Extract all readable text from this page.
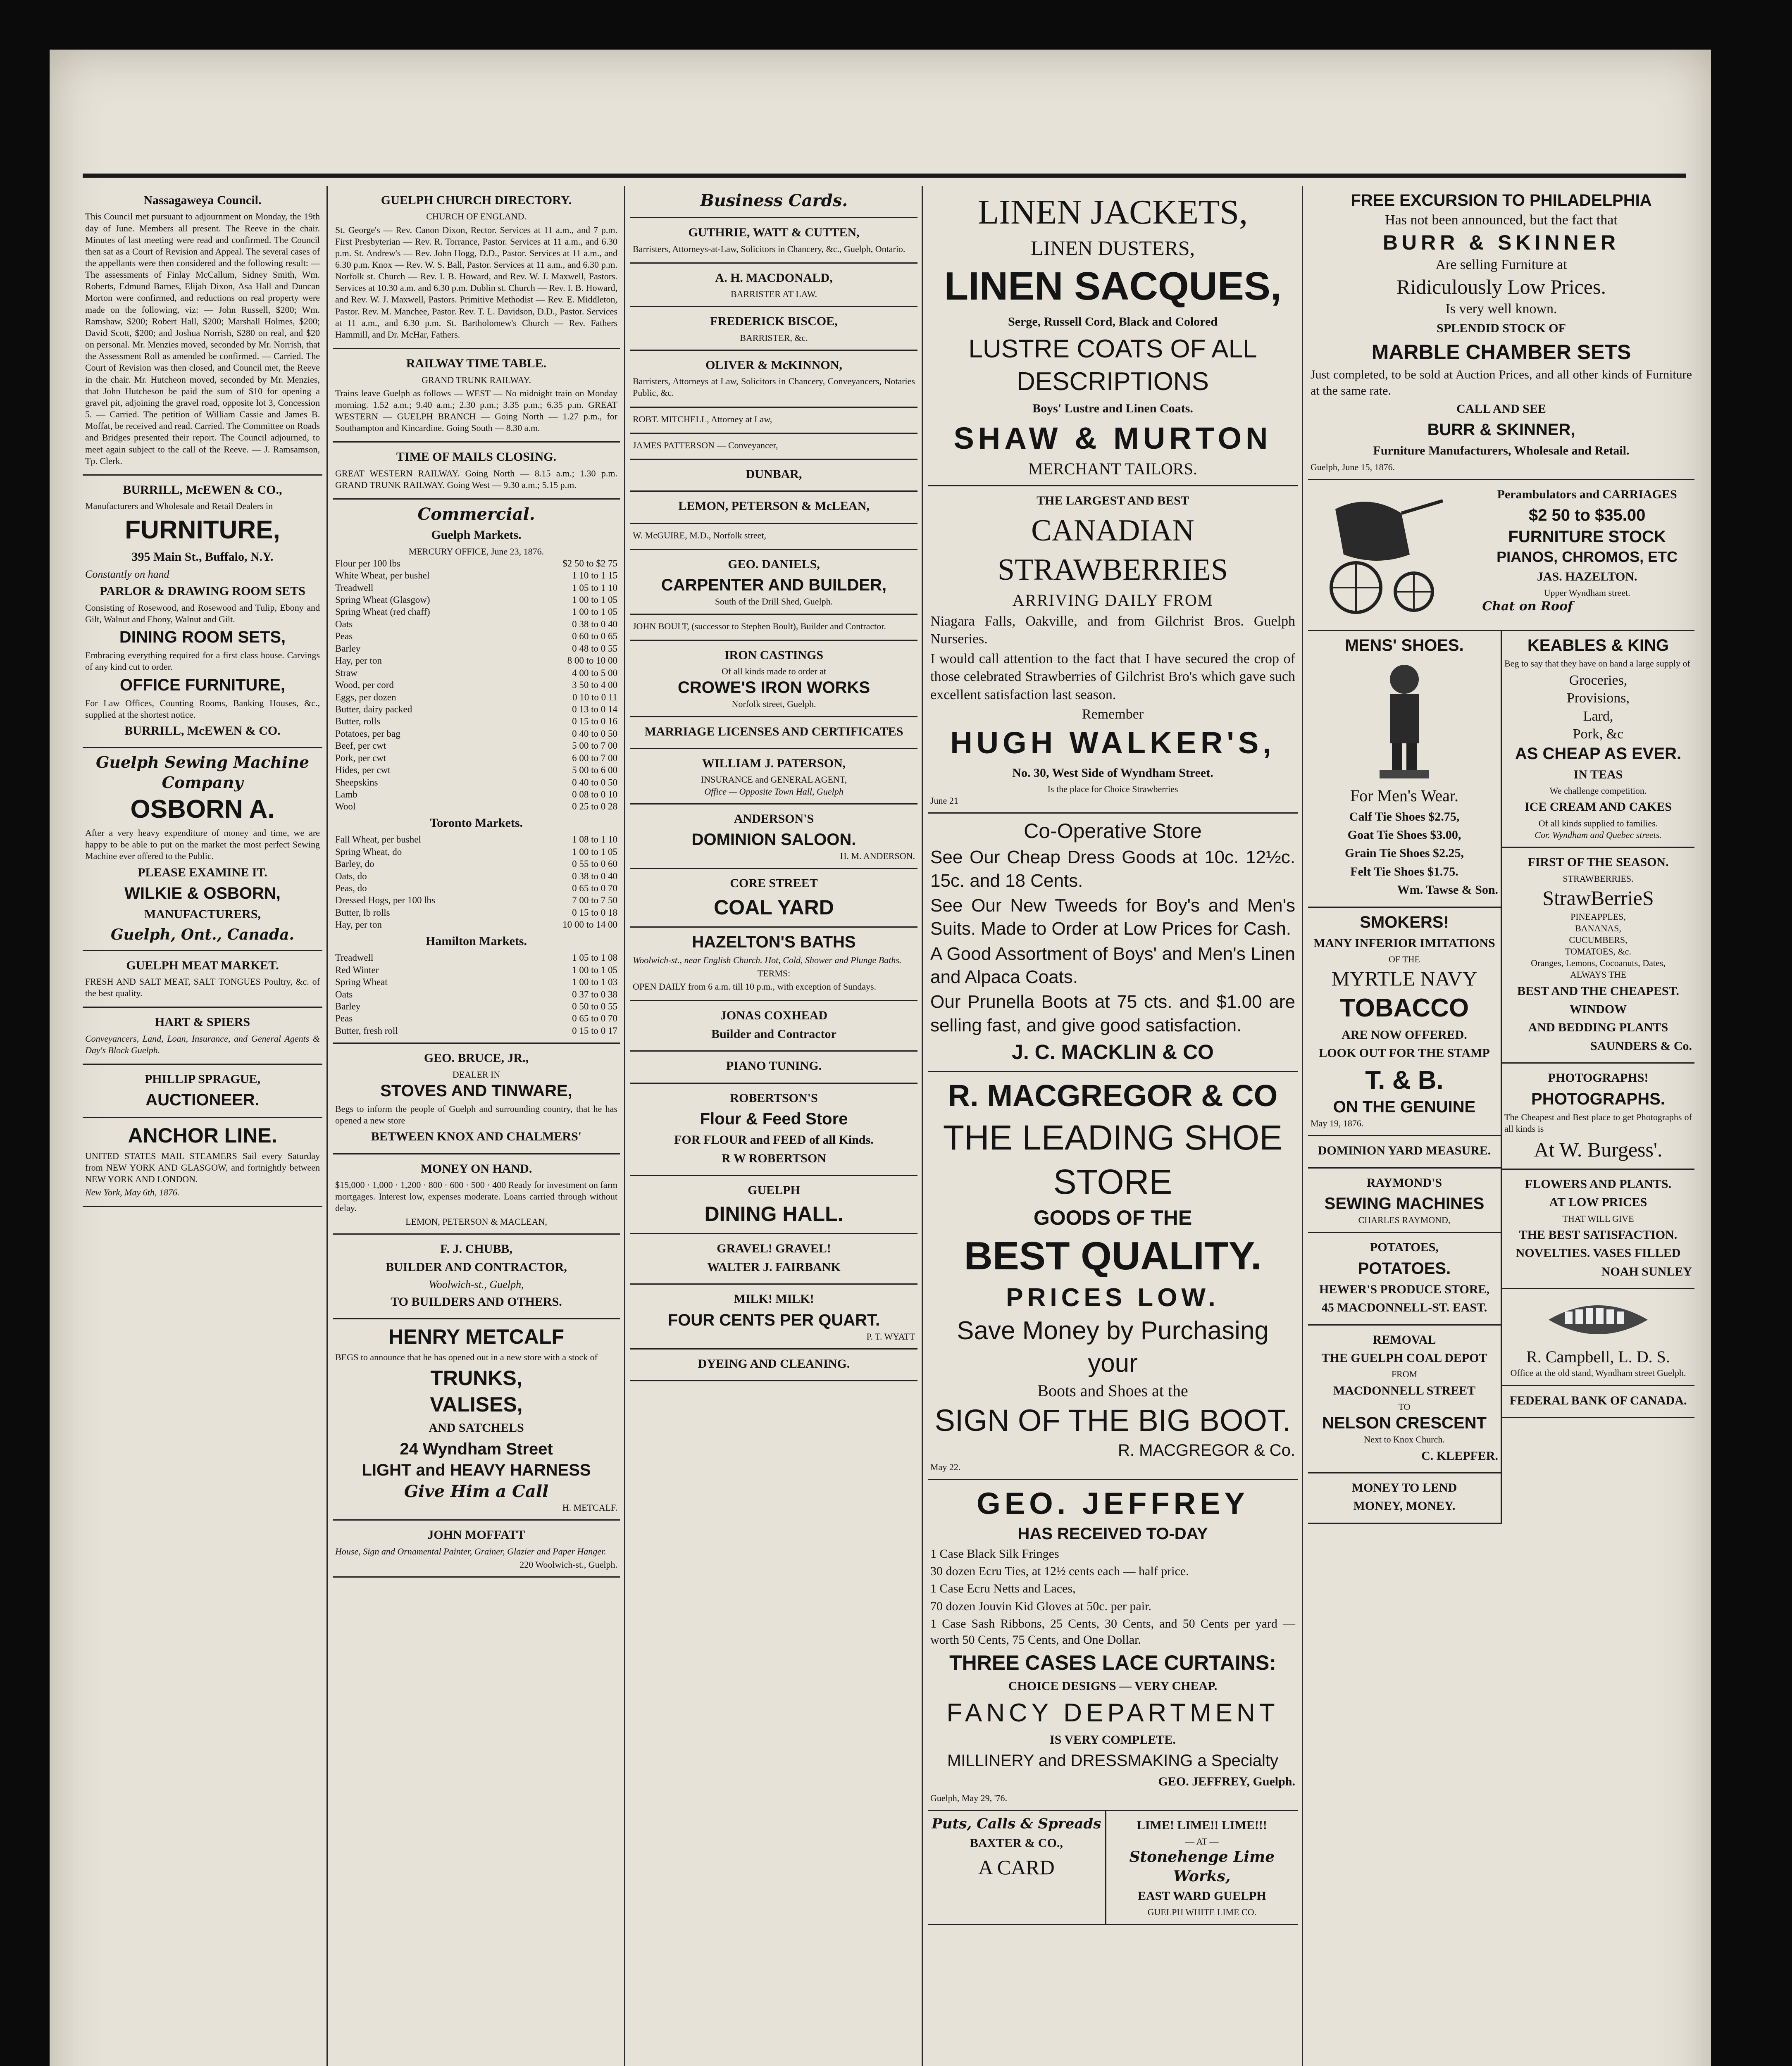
Nassagaweya Council.

This Council met pursuant to adjournment on Monday, the 19th day of June. Members all present. The Reeve in the chair. Minutes of last meeting were read and confirmed. The Council then sat as a Court of Revision and Appeal. The several cases of the appellants were then considered and the following result: — The assessments of Finlay McCallum, Sidney Smith, Wm. Roberts, Edmund Barnes, Elijah Dixon, Asa Hall and Duncan Morton were confirmed, and reductions on real property were made on the following, viz: — John Russell, $200; Wm. Ramshaw, $200; Robert Hall, $200; Marshall Holmes, $200; David Scott, $200; and Joshua Norrish, $280 on real, and $20 on personal. Mr. Menzies moved, seconded by Mr. Norrish, that the Assessment Roll as amended be confirmed. — Carried. The Court of Revision was then closed, and Council met, the Reeve in the chair. Mr. Hutcheon moved, seconded by Mr. Menzies, that John Hutcheson be paid the sum of $10 for opening a gravel pit, adjoining the gravel road, opposite lot 3, Concession 5. — Carried. The petition of William Cassie and James B. Moffat, be received and read. Carried. The Committee on Roads and Bridges presented their report. The Council adjourned, to meet again subject to the call of the Reeve. — J. Ramsamson, Tp. Clerk.

BURRILL, McEWEN & CO.,

Manufacturers and Wholesale and Retail Dealers in

FURNITURE,
395 Main St., Buffalo, N.Y.

Constantly on hand

PARLOR & DRAWING ROOM SETS

Consisting of Rosewood, and Rosewood and Tulip, Ebony and Gilt, Walnut and Ebony, Walnut and Gilt.

DINING ROOM SETS,

Embracing everything required for a first class house. Carvings of any kind cut to order.

OFFICE FURNITURE,

For Law Offices, Counting Rooms, Banking Houses, &c., supplied at the shortest notice.

BURRILL, McEWEN & CO.
Guelph Sewing Machine Company
OSBORN A.

After a very heavy expenditure of money and time, we are happy to be able to put on the market the most perfect Sewing Machine ever offered to the Public.

PLEASE EXAMINE IT.
WILKIE & OSBORN,
MANUFACTURERS,
Guelph, Ont., Canada.
GUELPH MEAT MARKET.

FRESH AND SALT MEAT, SALT TONGUES Poultry, &c. of the best quality.

HART & SPIERS

Conveyancers, Land, Loan, Insurance, and General Agents & Day's Block Guelph.

PHILLIP SPRAGUE,
AUCTIONEER.
ANCHOR LINE.

UNITED STATES MAIL STEAMERS Sail every Saturday from NEW YORK AND GLASGOW, and fortnightly between NEW YORK AND LONDON.

New York, May 6th, 1876.

GUELPH CHURCH DIRECTORY.
CHURCH OF ENGLAND.

St. George's — Rev. Canon Dixon, Rector. Services at 11 a.m., and 7 p.m. First Presbyterian — Rev. R. Torrance, Pastor. Services at 11 a.m., and 6.30 p.m. St. Andrew's — Rev. John Hogg, D.D., Pastor. Services at 11 a.m., and 6.30 p.m. Knox — Rev. W. S. Ball, Pastor. Services at 11 a.m., and 6.30 p.m. Norfolk st. Church — Rev. I. B. Howard, and Rev. W. J. Maxwell, Pastors. Services at 10.30 a.m. and 6.30 p.m. Dublin st. Church — Rev. I. B. Howard, and Rev. W. J. Maxwell, Pastors. Primitive Methodist — Rev. E. Middleton, Pastor. Rev. M. Manchee, Pastor. Rev. T. L. Davidson, D.D., Pastor. Services at 11 a.m., and 6.30 p.m. St. Bartholomew's Church — Rev. Fathers Hammill, and Dr. McHar, Fathers.

RAILWAY TIME TABLE.
GRAND TRUNK RAILWAY.

Trains leave Guelph as follows — WEST — No midnight train on Monday morning. 1.52 a.m.; 9.40 a.m.; 2.30 p.m.; 3.35 p.m.; 6.35 p.m. GREAT WESTERN — GUELPH BRANCH — Going North — 1.27 p.m., for Southampton and Kincardine. Going South — 8.30 a.m.

TIME OF MAILS CLOSING.

GREAT WESTERN RAILWAY. Going North — 8.15 a.m.; 1.30 p.m. GRAND TRUNK RAILWAY. Going West — 9.30 a.m.; 5.15 p.m.

Commercial.
Guelph Markets.
MERCURY OFFICE, June 23, 1876.
Flour per 100 lbs	$2 50 to $2 75
White Wheat, per bushel	1 10 to 1 15
Treadwell	1 05 to 1 10
Spring Wheat (Glasgow)	1 00 to 1 05
Spring Wheat (red chaff)	1 00 to 1 05
Oats	0 38 to 0 40
Peas	0 60 to 0 65
Barley	0 48 to 0 55
Hay, per ton	8 00 to 10 00
Straw	4 00 to 5 00
Wood, per cord	3 50 to 4 00
Eggs, per dozen	0 10 to 0 11
Butter, dairy packed	0 13 to 0 14
Butter, rolls	0 15 to 0 16
Potatoes, per bag	0 40 to 0 50
Beef, per cwt	5 00 to 7 00
Pork, per cwt	6 00 to 7 00
Hides, per cwt	5 00 to 6 00
Sheepskins	0 40 to 0 50
Lamb	0 08 to 0 10
Wool	0 25 to 0 28
Toronto Markets.
Fall Wheat, per bushel	1 08 to 1 10
Spring Wheat, do	1 00 to 1 05
Barley, do	0 55 to 0 60
Oats, do	0 38 to 0 40
Peas, do	0 65 to 0 70
Dressed Hogs, per 100 lbs	7 00 to 7 50
Butter, lb rolls	0 15 to 0 18
Hay, per ton	10 00 to 14 00
Hamilton Markets.
Treadwell	1 05 to 1 08
Red Winter	1 00 to 1 05
Spring Wheat	1 00 to 1 03
Oats	0 37 to 0 38
Barley	0 50 to 0 55
Peas	0 65 to 0 70
Butter, fresh roll	0 15 to 0 17
GEO. BRUCE, JR.,
DEALER IN
STOVES AND TINWARE,

Begs to inform the people of Guelph and surrounding country, that he has opened a new store

BETWEEN KNOX AND CHALMERS'
MONEY ON HAND.

$15,000 · 1,000 · 1,200 · 800 · 600 · 500 · 400 Ready for investment on farm mortgages. Interest low, expenses moderate. Loans carried through without delay.

LEMON, PETERSON & MACLEAN,
F. J. CHUBB,
BUILDER AND CONTRACTOR,
Woolwich-st., Guelph,
TO BUILDERS AND OTHERS.
HENRY METCALF

BEGS to announce that he has opened out in a new store with a stock of

TRUNKS,
VALISES,
AND SATCHELS
24 Wyndham Street
LIGHT and HEAVY HARNESS
Give Him a Call
H. METCALF.
JOHN MOFFATT

House, Sign and Ornamental Painter, Grainer, Glazier and Paper Hanger.

220 Woolwich-st., Guelph.
Business Cards.
GUTHRIE, WATT & CUTTEN,

Barristers, Attorneys-at-Law, Solicitors in Chancery, &c., Guelph, Ontario.

A. H. MACDONALD,
BARRISTER AT LAW.
FREDERICK BISCOE,
BARRISTER, &c.
OLIVER & McKINNON,

Barristers, Attorneys at Law, Solicitors in Chancery, Conveyancers, Notaries Public, &c.

ROBT. MITCHELL, Attorney at Law,

JAMES PATTERSON — Conveyancer,

DUNBAR,
LEMON, PETERSON & McLEAN,

W. McGUIRE, M.D., Norfolk street,

GEO. DANIELS,
CARPENTER AND BUILDER,
South of the Drill Shed, Guelph.

JOHN BOULT, (successor to Stephen Boult), Builder and Contractor.

IRON CASTINGS
Of all kinds made to order at
CROWE'S IRON WORKS
Norfolk street, Guelph.
MARRIAGE LICENSES AND CERTIFICATES
WILLIAM J. PATERSON,
INSURANCE and GENERAL AGENT,
Office — Opposite Town Hall, Guelph
ANDERSON'S
DOMINION SALOON.
H. M. ANDERSON.
CORE STREET
COAL YARD
HAZELTON'S BATHS

Woolwich-st., near English Church. Hot, Cold, Shower and Plunge Baths.

TERMS:

OPEN DAILY from 6 a.m. till 10 p.m., with exception of Sundays.

JONAS COXHEAD
Builder and Contractor
PIANO TUNING.
ROBERTSON'S
Flour & Feed Store
FOR FLOUR and FEED of all Kinds.
R W ROBERTSON
GUELPH
DINING HALL.
GRAVEL! GRAVEL!
WALTER J. FAIRBANK
MILK! MILK!
FOUR CENTS PER QUART.
P. T. WYATT
DYEING AND CLEANING.
LINEN JACKETS,
LINEN DUSTERS,
LINEN SACQUES,
Serge, Russell Cord, Black and Colored
LUSTRE COATS OF ALL DESCRIPTIONS
Boys' Lustre and Linen Coats.
SHAW & MURTON
MERCHANT TAILORS.
THE LARGEST AND BEST
CANADIAN STRAWBERRIES
ARRIVING DAILY FROM

Niagara Falls, Oakville, and from Gilchrist Bros. Guelph Nurseries.

I would call attention to the fact that I have secured the crop of those celebrated Strawberries of Gilchrist Bro's which gave such excellent satisfaction last season.

Remember
HUGH WALKER'S,
No. 30, West Side of Wyndham Street.
Is the place for Choice Strawberries
June 21
Co-Operative Store

See Our Cheap Dress Goods at 10c. 12½c. 15c. and 18 Cents.

See Our New Tweeds for Boy's and Men's Suits. Made to Order at Low Prices for Cash.

A Good Assortment of Boys' and Men's Linen and Alpaca Coats.

Our Prunella Boots at 75 cts. and $1.00 are selling fast, and give good satisfaction.

J. C. MACKLIN & CO
R. MACGREGOR & CO
THE LEADING SHOE STORE
GOODS OF THE
BEST QUALITY.
PRICES LOW.
Save Money by Purchasing your
Boots and Shoes at the
SIGN OF THE BIG BOOT.
R. MACGREGOR & Co.
May 22.
GEO. JEFFREY
HAS RECEIVED TO-DAY

1 Case Black Silk Fringes

30 dozen Ecru Ties, at 12½ cents each — half price.

1 Case Ecru Netts and Laces,

70 dozen Jouvin Kid Gloves at 50c. per pair.

1 Case Sash Ribbons, 25 Cents, 30 Cents, and 50 Cents per yard — worth 50 Cents, 75 Cents, and One Dollar.

THREE CASES LACE CURTAINS:
CHOICE DESIGNS — VERY CHEAP.
FANCY DEPARTMENT
IS VERY COMPLETE.
MILLINERY and DRESSMAKING a Specialty
GEO. JEFFREY, Guelph.
Guelph, May 29, '76.
Puts, Calls & Spreads
BAXTER & CO.,
A CARD
LIME! LIME!! LIME!!!
— AT —
Stonehenge Lime Works,
EAST WARD GUELPH
GUELPH WHITE LIME CO.
FREE EXCURSION TO PHILADELPHIA
Has not been announced, but the fact that
BURR & SKINNER
Are selling Furniture at
Ridiculously Low Prices.
Is very well known.
SPLENDID STOCK OF
MARBLE CHAMBER SETS

Just completed, to be sold at Auction Prices, and all other kinds of Furniture at the same rate.

CALL AND SEE
BURR & SKINNER,
Furniture Manufacturers, Wholesale and Retail.
Guelph, June 15, 1876.
Perambulators and CARRIAGES
$2 50 to $35.00
FURNITURE STOCK
PIANOS, CHROMOS, ETC
JAS. HAZELTON.
Upper Wyndham street.
Chat on Roof
MENS' SHOES.
For Men's Wear.
Calf Tie Shoes $2.75,
Goat Tie Shoes $3.00,
Grain Tie Shoes $2.25,
Felt Tie Shoes $1.75.
Wm. Tawse & Son.
SMOKERS!
MANY INFERIOR IMITATIONS
OF THE
MYRTLE NAVY
TOBACCO
ARE NOW OFFERED.
LOOK OUT FOR THE STAMP
T. & B.
ON THE GENUINE
May 19, 1876.
DOMINION YARD MEASURE.
RAYMOND'S
SEWING MACHINES
CHARLES RAYMOND,
POTATOES,
POTATOES.
HEWER'S PRODUCE STORE,
45 MACDONNELL-ST. EAST.
REMOVAL
THE GUELPH COAL DEPOT
FROM
MACDONNELL STREET
TO
NELSON CRESCENT
Next to Knox Church.
C. KLEPFER.
MONEY TO LEND
MONEY, MONEY.
KEABLES & KING

Beg to say that they have on hand a large supply of

Groceries,
Provisions,
Lard,
Pork, &c
AS CHEAP AS EVER.
IN TEAS
We challenge competition.
ICE CREAM AND CAKES
Of all kinds supplied to families.
Cor. Wyndham and Quebec streets.
FIRST OF THE SEASON.
STRAWBERRIES.
StrawBerrieS
PINEAPPLES,
BANANAS,
CUCUMBERS,
TOMATOES, &c.
Oranges, Lemons, Cocoanuts, Dates,
ALWAYS THE
BEST AND THE CHEAPEST.
WINDOW
AND BEDDING PLANTS
SAUNDERS & Co.
PHOTOGRAPHS!
PHOTOGRAPHS.

The Cheapest and Best place to get Photographs of all kinds is

At W. Burgess'.
FLOWERS AND PLANTS.
AT LOW PRICES
THAT WILL GIVE
THE BEST SATISFACTION.
NOVELTIES. VASES FILLED
NOAH SUNLEY
R. Campbell, L. D. S.
Office at the old stand, Wyndham street Guelph.
FEDERAL BANK OF CANADA.
